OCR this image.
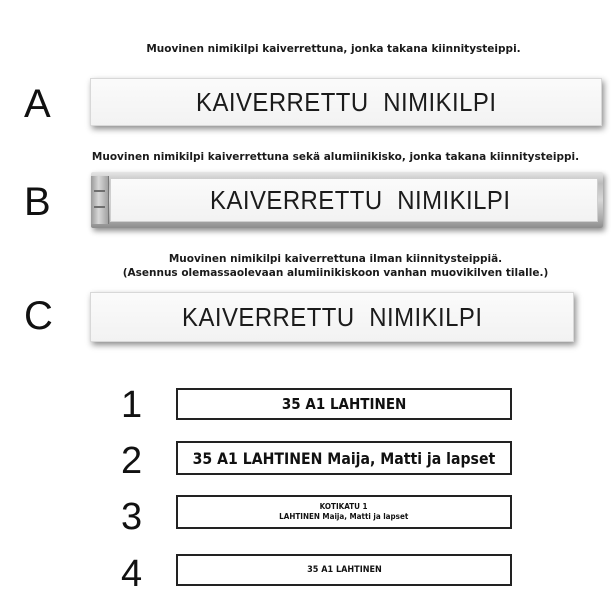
Muovinen nimikilpi kaiverrettuna, jonka takana kiinnitysteippi.
A	KAIVERRETTU NIMIKILPI
Muovinen nimikilpi kaiverrettuna sekä alumiinikisko, jonka takana kiinnitysteippi.
B	KAIVERRETTU NIMIKILPI
Muovinen nimikilpi kaiverrettuna ilman kiinnitysteippiä.
(Asennus olemassaolevaan alumiinikiskoon vanhan muovikilven tilalle.)
C	KAIVERRETTU NIMIKILPI
1	35 A1 LAHTINEN
2	35 A1 LAHTINEN Maija, Matti ja lapset
3	KOTIKATU 1
LAHTINEN Maija, Matti ja lapset
4	35 A1 LAHTINEN
